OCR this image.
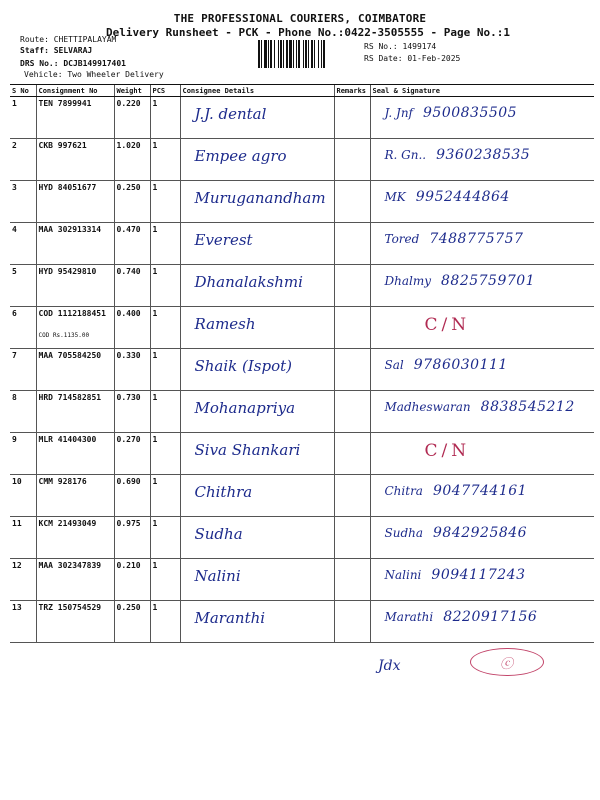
THE PROFESSIONAL COURIERS, COIMBATORE
Delivery Runsheet - PCK - Phone No.:0422-3505555 - Page No.:1
Route: CHETTIPALAYAM
Staff: SELVARAJ
DRS No.: DCJB149917401
Vehicle: Two Wheeler Delivery
RS No.: 1499174
RS Date: 01-Feb-2025
S No	Consignment No	Weight	PCS	Consignee Details	Remarks	Seal & Signature
1	TEN 7899941	0.220	1	J.J. dental		J. Jnf 9500835505

2	CKB 997621	1.020	1	Empee agro		R. Gn.. 9360238535

3	HYD 84051677	0.250	1	Muruganandham		MK 9952444864

4	MAA 302913314	0.470	1	Everest		Tored 7488775757

5	HYD 95429810	0.740	1	Dhanalakshmi		Dhalmy 8825759701

6	COD 1112188451
COD Rs.1135.00	0.400	1	Ramesh		C/N

7	MAA 705584250	0.330	1	Shaik (Ispot)		Sal 9786030111

8	HRD 714582851	0.730	1	Mohanapriya		Madheswaran 8838545212

9	MLR 41404300	0.270	1	Siva Shankari		C/N

10	CMM 928176	0.690	1	Chithra		Chitra 9047744161

11	KCM 21493049	0.975	1	Sudha		Sudha 9842925846

12	MAA 302347839	0.210	1	Nalini		Nalini 9094117243

13	TRZ 150754529	0.250	1	Maranthi		Marathi 8220917156
Jdx	ⓒ
